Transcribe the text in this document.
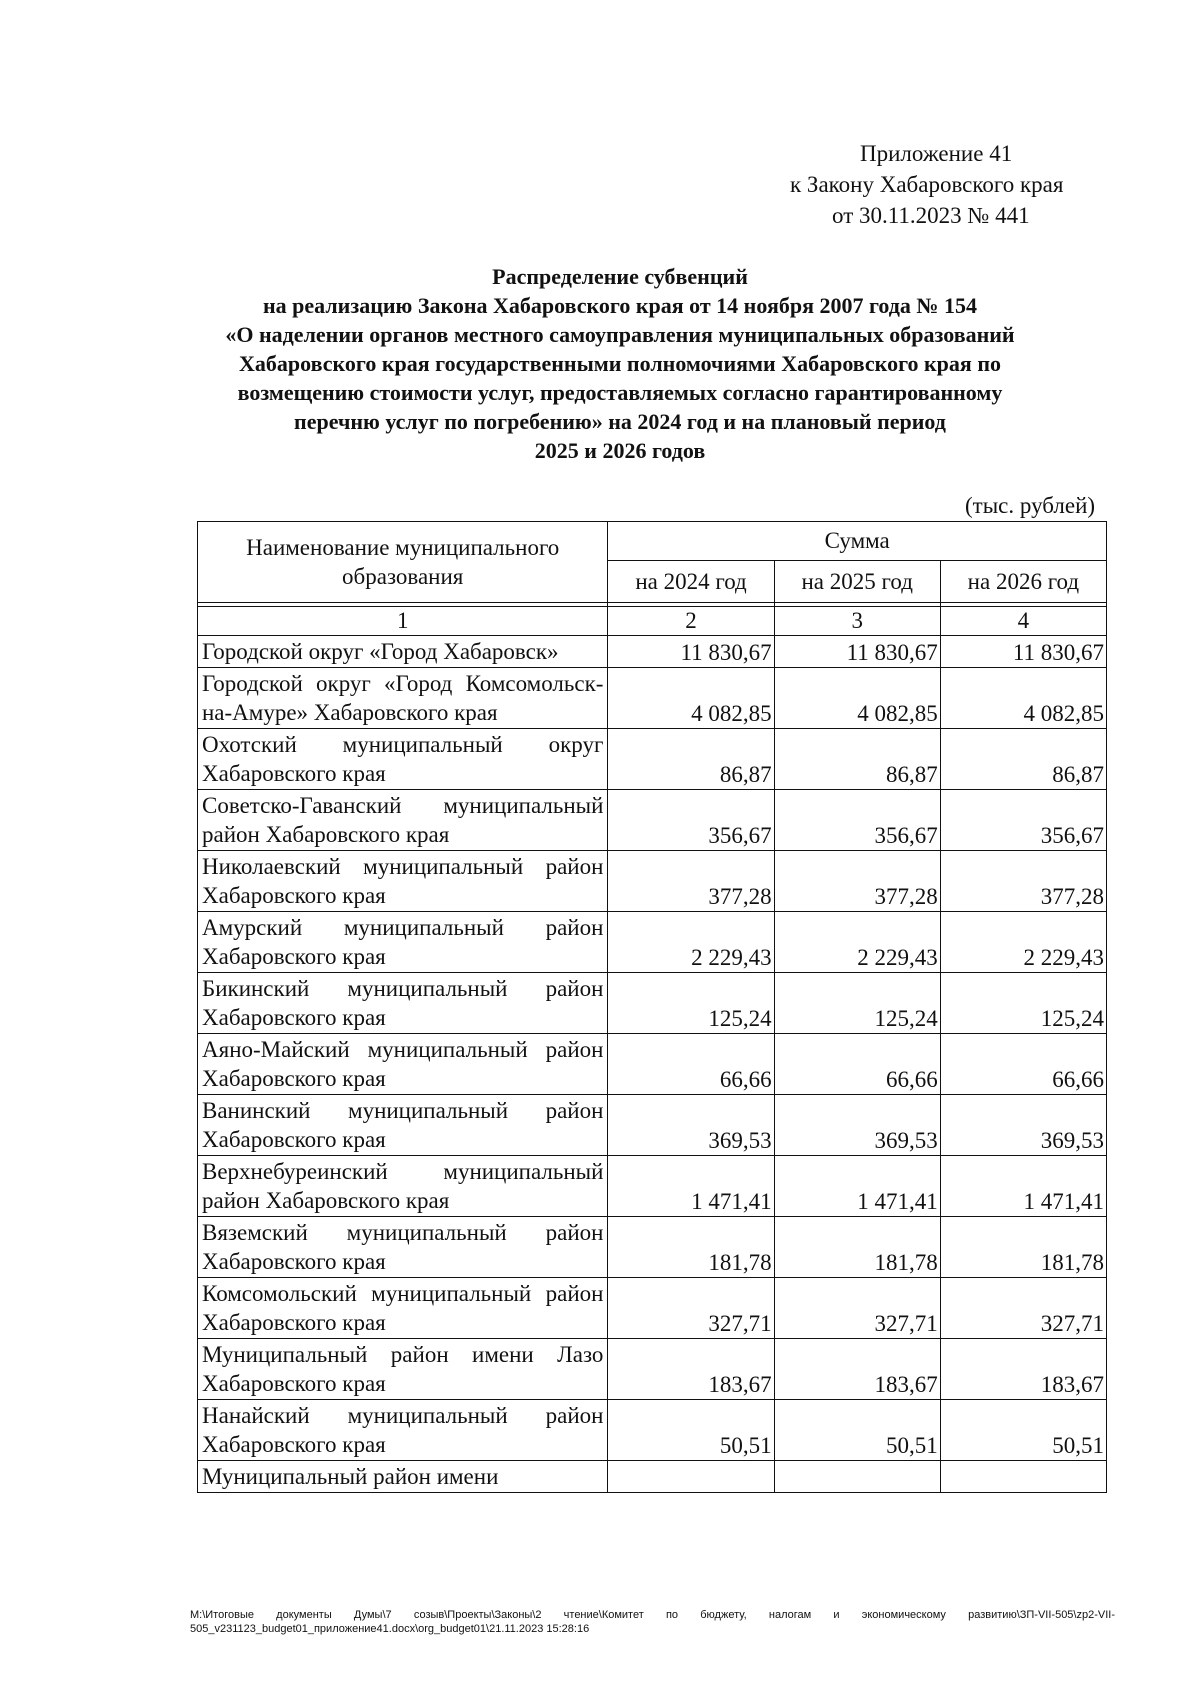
Приложение 41
к Закону Хабаровского края
от 30.11.2023 № 441
Распределение субвенций
на реализацию Закона Хабаровского края от 14 ноября 2007 года № 154
«О наделении органов местного самоуправления муниципальных образований
Хабаровского края государственными полномочиями Хабаровского края по
возмещению стоимости услуг, предоставляемых согласно гарантированному
перечню услуг по погребению» на 2024 год и на плановый период
2025 и 2026 годов
(тыс. рублей)
Наименование муниципального образования	Сумма		
	на 2024 год	на 2025 год	на 2026 год

1	2	3	4
Городской округ «Город Хабаровск»	11 830,67	11 830,67	11 830,67
Городской округ «Город Комсомольск-на-Амуре» Хабаровского края	4 082,85	4 082,85	4 082,85
Охотский муниципальный округ Хабаровского края	86,87	86,87	86,87
Советско-Гаванский муниципальный район Хабаровского края	356,67	356,67	356,67
Николаевский муниципальный район Хабаровского края	377,28	377,28	377,28
Амурский муниципальный район Хабаровского края	2 229,43	2 229,43	2 229,43
Бикинский муниципальный район Хабаровского края	125,24	125,24	125,24
Аяно-Майский муниципальный район Хабаровского края	66,66	66,66	66,66
Ванинский муниципальный район Хабаровского края	369,53	369,53	369,53
Верхнебуреинский муниципальный район Хабаровского края	1 471,41	1 471,41	1 471,41
Вяземский муниципальный район Хабаровского края	181,78	181,78	181,78
Комсомольский муниципальный район Хабаровского края	327,71	327,71	327,71
Муниципальный район имени Лазо Хабаровского края	183,67	183,67	183,67
Нанайский муниципальный район Хабаровского края	50,51	50,51	50,51
Муниципальный район имени			
M:\Итоговые документы Думы\7 созыв\Проекты\Законы\2 чтение\Комитет по бюджету, налогам и экономическому развитию\ЗП-VII-505\zp2-VII-505_v231123_budget01_приложение41.docx\org_budget01\21.11.2023 15:28:16
